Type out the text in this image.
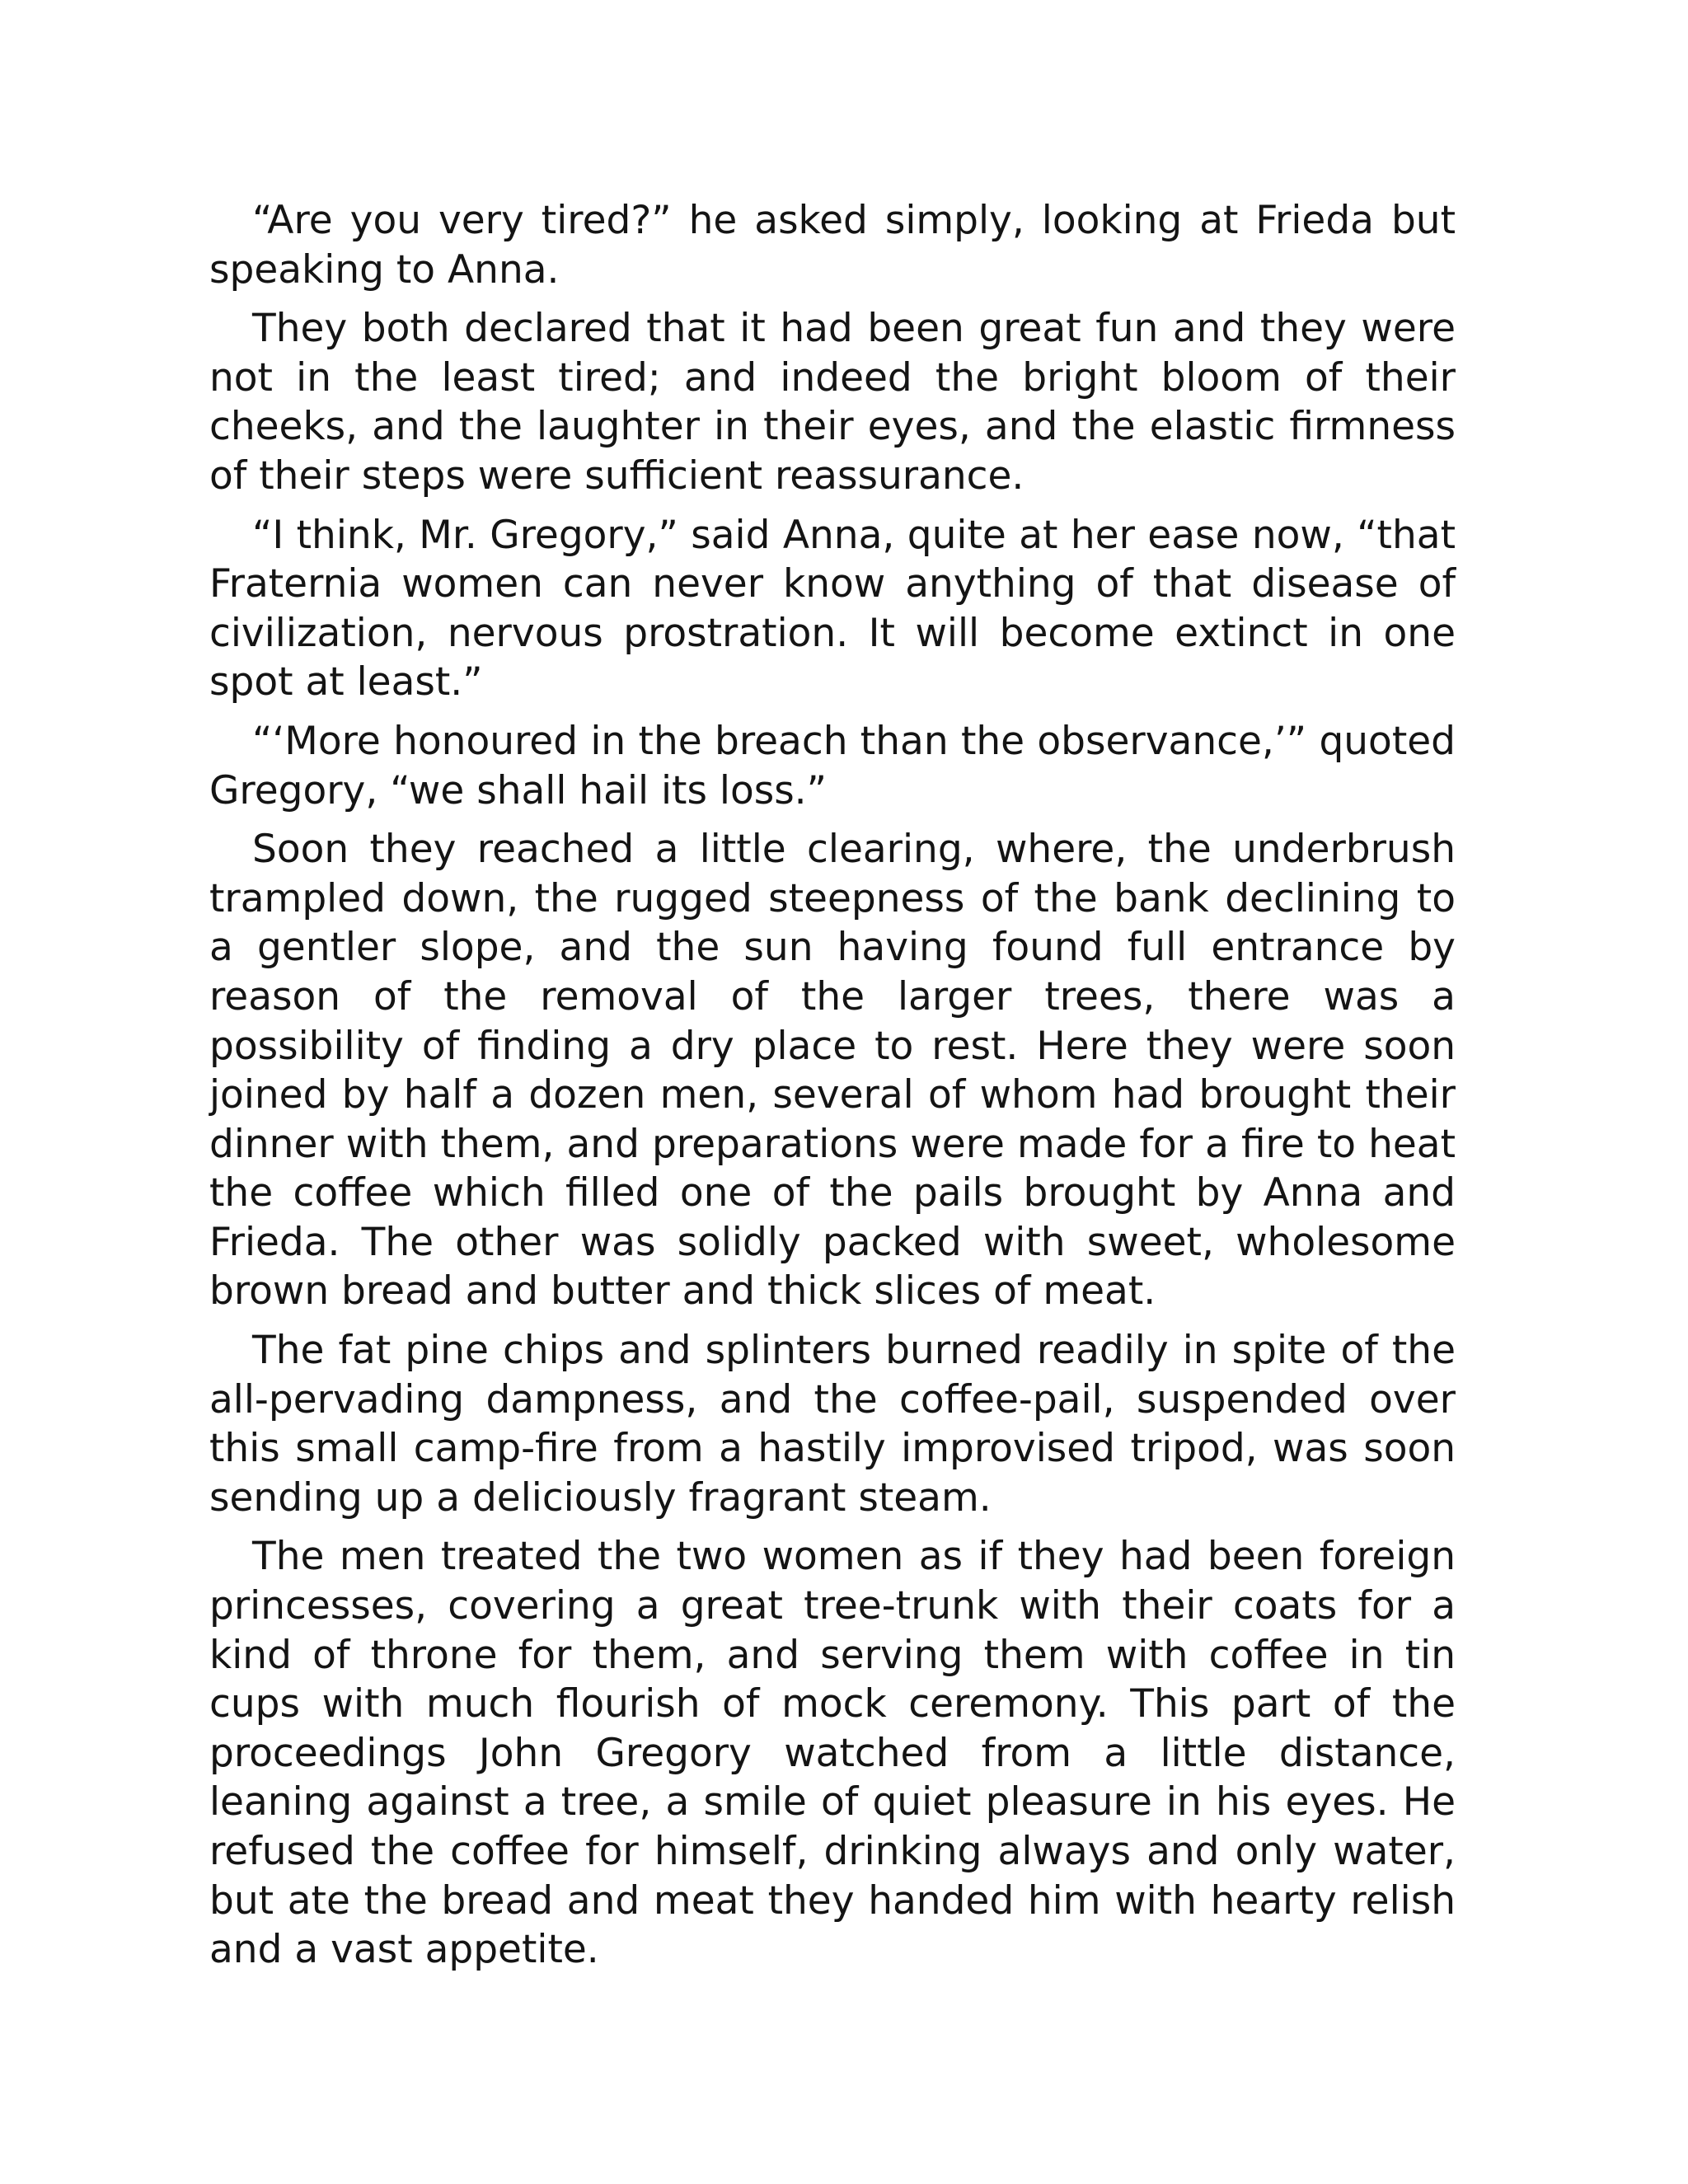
“Are you very tired?” he asked simply, looking at Frieda but speaking to Anna.

They both declared that it had been great fun and they were not in the least tired; and indeed the bright bloom of their cheeks, and the laughter in their eyes, and the elastic firmness of their steps were sufficient reassurance.

“I think, Mr. Gregory,” said Anna, quite at her ease now, “that Fraternia women can never know anything of that disease of civilization, nervous prostration. It will become extinct in one spot at least.”

“‘More honoured in the breach than the observance,’” quoted Gregory, “we shall hail its loss.”

Soon they reached a little clearing, where, the underbrush trampled down, the rugged steepness of the bank declining to a gentler slope, and the sun having found full entrance by reason of the removal of the larger trees, there was a possibility of finding a dry place to rest. Here they were soon joined by half a dozen men, several of whom had brought their dinner with them, and preparations were made for a fire to heat the coffee which filled one of the pails brought by Anna and Frieda. The other was solidly packed with sweet, wholesome brown bread and butter and thick slices of meat.

The fat pine chips and splinters burned readily in spite of the all-pervading dampness, and the coffee-pail, suspended over this small camp-fire from a hastily improvised tripod, was soon sending up a deliciously fragrant steam.

The men treated the two women as if they had been foreign princesses, covering a great tree-trunk with their coats for a kind of throne for them, and serving them with coffee in tin cups with much flourish of mock ceremony. This part of the proceedings John Gregory watched from a little distance, leaning against a tree, a smile of quiet pleasure in his eyes. He refused the coffee for himself, drinking always and only water, but ate the bread and meat they handed him with hearty relish and a vast appetite.
